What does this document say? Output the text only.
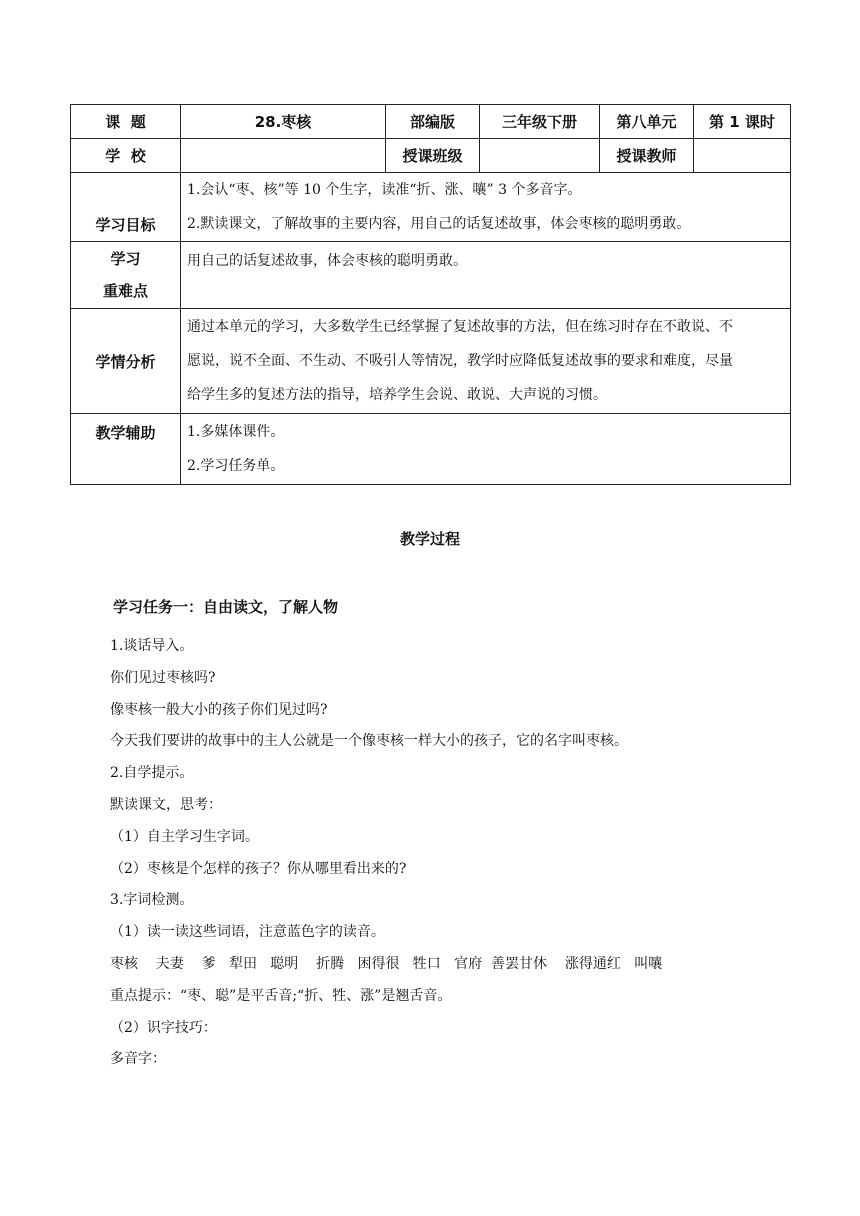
课  题	28.枣核	部编版	三年级下册	第八单元	第 1 课时
学  校		授课班级		授课教师	
学习目标	1.会认“枣、核”等 10 个生字，读准“折、涨、嚷” 3 个多音字。

2.默读课文，了解故事的主要内容，用自己的话复述故事，体会枣核的聪明勇敢。				

学习
重难点	用自己的话复述故事，体会枣核的聪明勇敢。				
学情分析	通过本单元的学习，大多数学生已经掌握了复述故事的方法，但在练习时存在不敢说、不

愿说，说不全面、不生动、不吸引人等情况，教学时应降低复述故事的要求和难度，尽量

给学生多的复述方法的指导，培养学生会说、敢说、大声说的习惯。				

教学辅助	1.多媒体课件。

2.学习任务单。				

教学过程
学习任务一：自由读文，了解人物

1.谈话导入。

你们见过枣核吗?

像枣核一般大小的孩子你们见过吗?

今天我们要讲的故事中的主人公就是一个像枣核一样大小的孩子，它的名字叫枣核。

2.自学提示。

默读课文，思考：

（1）自主学习生字词。

（2）枣核是个怎样的孩子？你从哪里看出来的?

3.字词检测。

（1）读一读这些词语，注意蓝色字的读音。

枣核    夫妻    爹   犁田   聪明    折腾   困得很   牲口   官府  善罢甘休    涨得通红   叫嚷

重点提示：“枣、聪”是平舌音;“折、牲、涨”是翘舌音。

（2）识字技巧：

多音字：
